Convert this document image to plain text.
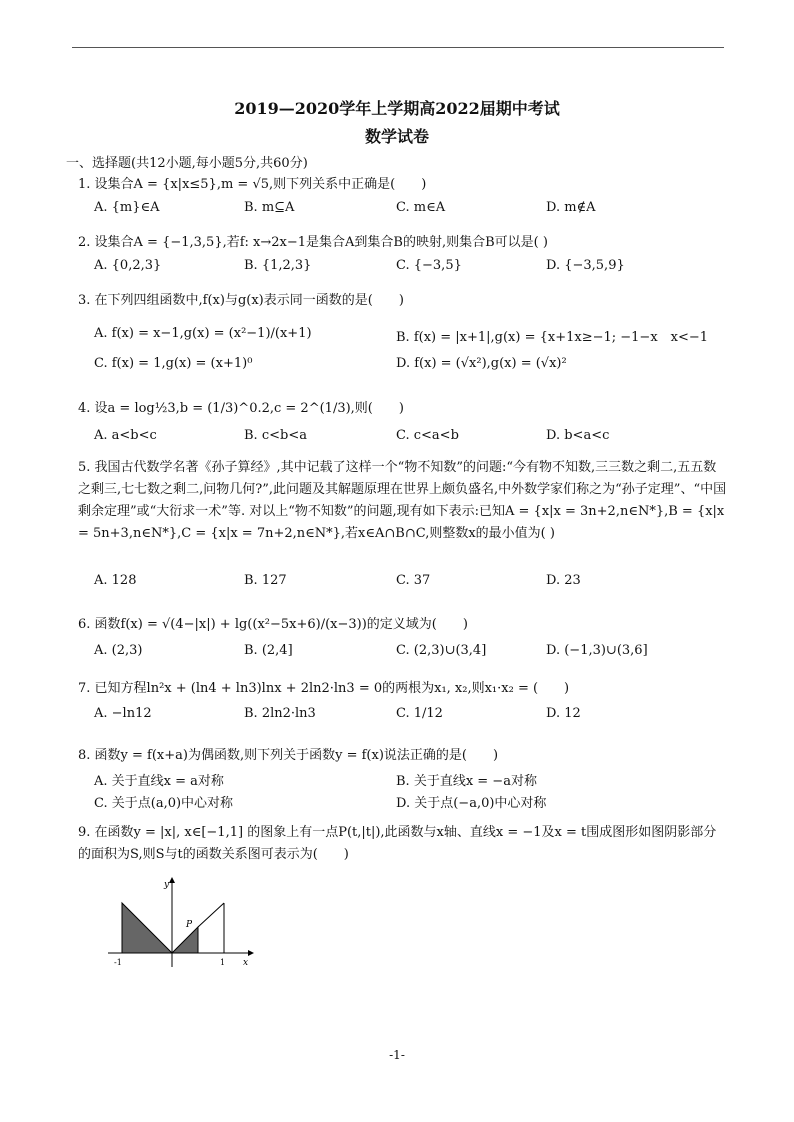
2019—2020学年上学期高2022届期中考试
数学试卷
一、选择题(共12小题,每小题5分,共60分)
1. 设集合A = {x|x≤5},m = √5,则下列关系中正确是(　　)
A. {m}∈A	B. m⊆A	C. m∈A	D. m∉A
2. 设集合A = {−1,3,5},若f: x→2x−1是集合A到集合B的映射,则集合B可以是( )
A. {0,2,3}	B. {1,2,3}	C. {−3,5}	D. {−3,5,9}
3. 在下列四组函数中,f(x)与g(x)表示同一函数的是(　　)
A. f(x) = x−1,g(x) = (x²−1)/(x+1)	B. f(x) = |x+1|,g(x) = {x+1x≥−1; −1−x　x<−1
C. f(x) = 1,g(x) = (x+1)⁰	D. f(x) = (√x²),g(x) = (√x)²
4. 设a = log½3,b = (1/3)^0.2,c = 2^(1/3),则(　　)
A. a<b<c	B. c<b<a	C. c<a<b	D. b<a<c
5. 我国古代数学名著《孙子算经》,其中记载了这样一个“物不知数”的问题:“今有物不知数,三三数之剩二,五五数之剩三,七七数之剩二,问物几何?”,此问题及其解题原理在世界上颇负盛名,中外数学家们称之为“孙子定理”、“中国剩余定理”或“大衍求一术”等. 对以上“物不知数”的问题,现有如下表示:已知A = {x|x = 3n+2,n∈N*},B = {x|x = 5n+3,n∈N*},C = {x|x = 7n+2,n∈N*},若x∈A∩B∩C,则整数x的最小值为( )
A. 128	B. 127	C. 37	D. 23
6. 函数f(x) = √(4−|x|) + lg((x²−5x+6)/(x−3))的定义域为(　　)
A. (2,3)	B. (2,4]	C. (2,3)∪(3,4]	D. (−1,3)∪(3,6]
7. 已知方程ln²x + (ln4 + ln3)lnx + 2ln2·ln3 = 0的两根为x₁, x₂,则x₁·x₂ = (　　)
A. −ln12	B. 2ln2·ln3	C. 1/12	D. 12
8. 函数y = f(x+a)为偶函数,则下列关于函数y = f(x)说法正确的是(　　)
A. 关于直线x = a对称	B. 关于直线x = −a对称
C. 关于点(a,0)中心对称	D. 关于点(−a,0)中心对称
9. 在函数y = |x|, x∈[−1,1] 的图象上有一点P(t,|t|),此函数与x轴、直线x = −1及x = t围成图形如图阴影部分的面积为S,则S与t的函数关系图可表示为(　　)
y
x
P
-1	1
-1-
